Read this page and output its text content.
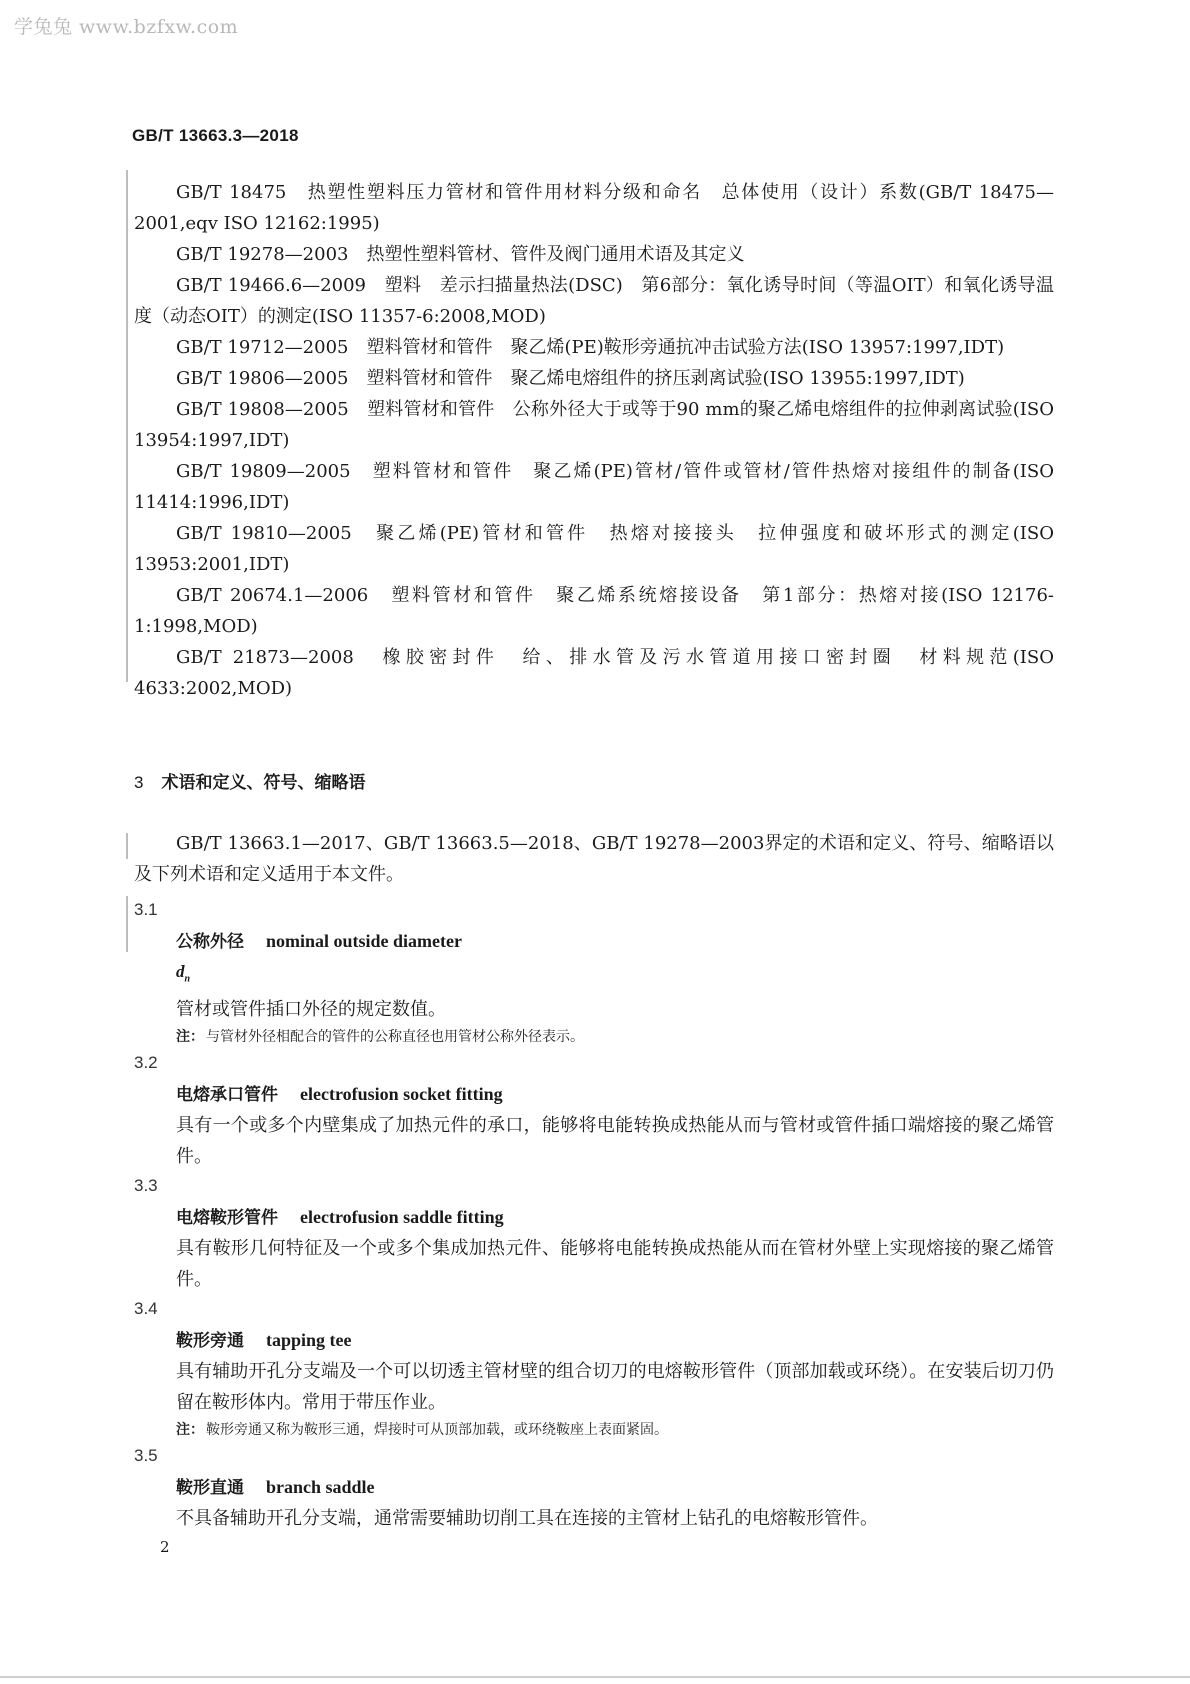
学兔兔 www.bzfxw.com
GB/T 13663.3—2018

GB/T 18475　热塑性塑料压力管材和管件用材料分级和命名　总体使用（设计）系数(GB/T 18475—2001,eqv ISO 12162:1995)

GB/T 19278—2003　热塑性塑料管材、管件及阀门通用术语及其定义

GB/T 19466.6—2009　塑料　差示扫描量热法(DSC)　第6部分：氧化诱导时间（等温OIT）和氧化诱导温度（动态OIT）的测定(ISO 11357-6:2008,MOD)

GB/T 19712—2005　塑料管材和管件　聚乙烯(PE)鞍形旁通抗冲击试验方法(ISO 13957:1997,IDT)

GB/T 19806—2005　塑料管材和管件　聚乙烯电熔组件的挤压剥离试验(ISO 13955:1997,IDT)

GB/T 19808—2005　塑料管材和管件　公称外径大于或等于90 mm的聚乙烯电熔组件的拉伸剥离试验(ISO 13954:1997,IDT)

GB/T 19809—2005　塑料管材和管件　聚乙烯(PE)管材/管件或管材/管件热熔对接组件的制备(ISO 11414:1996,IDT)

GB/T 19810—2005　聚乙烯(PE)管材和管件　热熔对接接头　拉伸强度和破坏形式的测定(ISO 13953:2001,IDT)

GB/T 20674.1—2006　塑料管材和管件　聚乙烯系统熔接设备　第1部分：热熔对接(ISO 12176-1:1998,MOD)

GB/T 21873—2008　橡胶密封件　给、排水管及污水管道用接口密封圈　材料规范(ISO 4633:2002,MOD)

3 术语和定义、符号、缩略语

GB/T 13663.1—2017、GB/T 13663.5—2018、GB/T 19278—2003界定的术语和定义、符号、缩略语以及下列术语和定义适用于本文件。

3.1

公称外径 nominal outside diameter

$d_n$

管材或管件插口外径的规定数值。

注： 与管材外径相配合的管件的公称直径也用管材公称外径表示。

3.2

电熔承口管件 electrofusion socket fitting

具有一个或多个内壁集成了加热元件的承口，能够将电能转换成热能从而与管材或管件插口端熔接的聚乙烯管件。

3.3

电熔鞍形管件 electrofusion saddle fitting

具有鞍形几何特征及一个或多个集成加热元件、能够将电能转换成热能从而在管材外壁上实现熔接的聚乙烯管件。

3.4

鞍形旁通 tapping tee

具有辅助开孔分支端及一个可以切透主管材壁的组合切刀的电熔鞍形管件（顶部加载或环绕）。在安装后切刀仍留在鞍形体内。常用于带压作业。

注： 鞍形旁通又称为鞍形三通，焊接时可从顶部加载，或环绕鞍座上表面紧固。

3.5

鞍形直通 branch saddle

不具备辅助开孔分支端，通常需要辅助切削工具在连接的主管材上钻孔的电熔鞍形管件。

2
